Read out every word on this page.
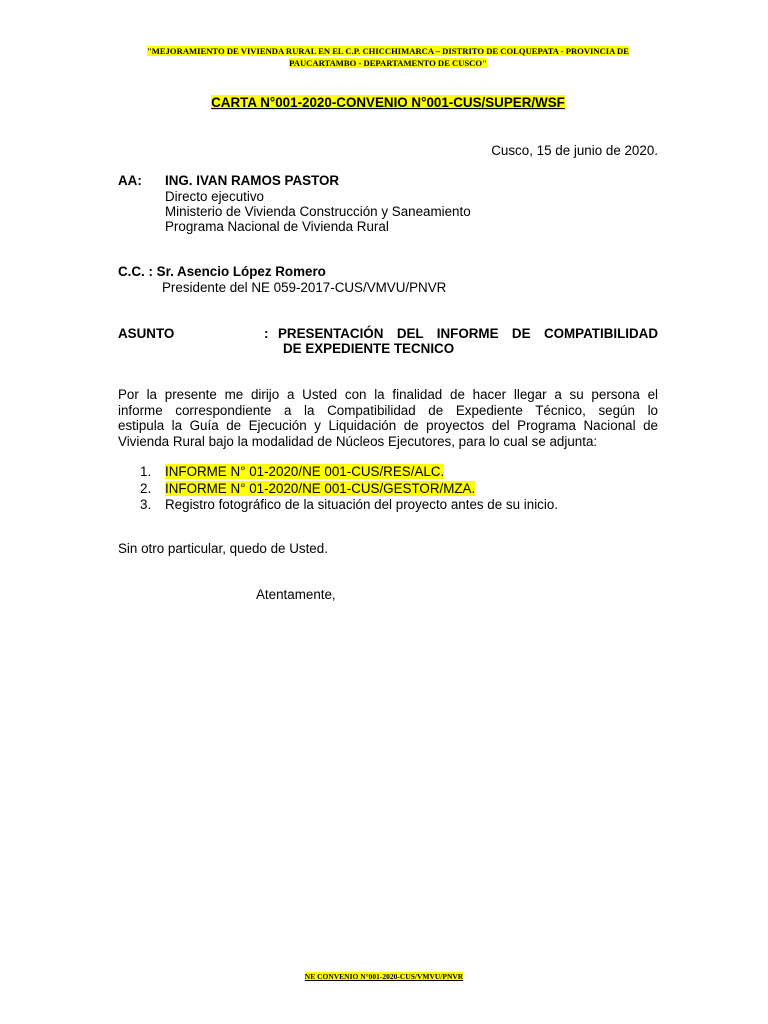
"MEJORAMIENTO DE VIVIENDA RURAL EN EL C.P. CHICCHIMARCA – DISTRITO DE COLQUEPATA - PROVINCIA DE
PAUCARTAMBO - DEPARTAMENTO DE CUSCO"
CARTA N°001-2020-CONVENIO N°001-CUS/SUPER/WSF
Cusco, 15 de junio de 2020.
AA: ING. IVAN RAMOS PASTOR
Directo ejecutivo
Ministerio de Vivienda Construcción y Saneamiento
Programa Nacional de Vivienda Rural
C.C. : Sr. Asencio López Romero
Presidente del NE 059-2017-CUS/VMVU/PNVR
ASUNTO	: PRESENTACIÓN DEL INFORME DE COMPATIBILIDAD
DE EXPEDIENTE TECNICO
Por la presente me dirijo a Usted con la finalidad de hacer llegar a su persona el
informe correspondiente a la Compatibilidad de Expediente Técnico, según lo
estipula la Guía de Ejecución y Liquidación de proyectos del Programa Nacional de
Vivienda Rural bajo la modalidad de Núcleos Ejecutores, para lo cual se adjunta:
1. INFORME N° 01-2020/NE 001-CUS/RES/ALC.
2. INFORME N° 01-2020/NE 001-CUS/GESTOR/MZA.
3. Registro fotográfico de la situación del proyecto antes de su inicio.
Sin otro particular, quedo de Usted.
Atentamente,
NE CONVENIO N°001-2020-CUS/VMVU/PNVR
